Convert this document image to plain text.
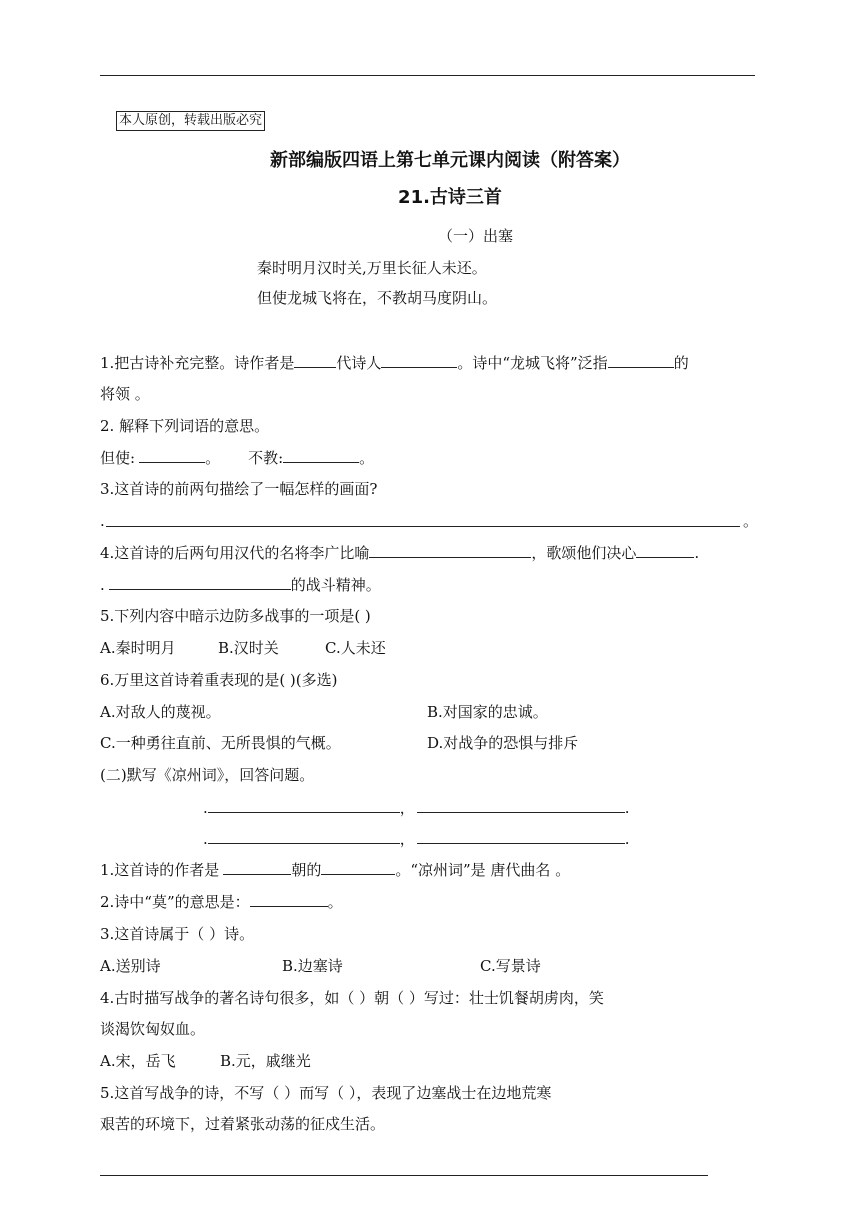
本人原创，转载出版必究
新部编版四语上第七单元课内阅读（附答案）
21.古诗三首
（一）出塞
秦时明月汉时关,万里长征人未还。
但使龙城飞将在，不教胡马度阴山。
1.把古诗补充完整。诗作者是	代诗人	。诗中“龙城飞将”泛指	的
将领 。
2. 解释下列词语的意思。
但使:	。 不教:	。
3.这首诗的前两句描绘了一幅怎样的画面?
.	。
4.这首诗的后两句用汉代的名将李广比喻	，歌颂他们决心	.
.	的战斗精神。
5.下列内容中暗示边防多战事的一项是( )
A.秦时明月	B.汉时关	C.人未还
6.万里这首诗着重表现的是( )(多选)
A.对敌人的蔑视。	B.对国家的忠诚。
C.一种勇往直前、无所畏惧的气概。	D.对战争的恐惧与排斥
(二)默写《凉州词》，回答问题。
.	，	.
.	，	.
1.这首诗的作者是	朝的	。“凉州词”是 唐代曲名 。
2.诗中“莫”的意思是：	。
3.这首诗属于（ ）诗。
A.送别诗	B.边塞诗	C.写景诗
4.古时描写战争的著名诗句很多，如（ ）朝（ ）写过：壮士饥餐胡虏肉，笑
谈渴饮匈奴血。
A.宋，岳飞	B.元，戚继光
5.这首写战争的诗，不写（ ）而写（ ），表现了边塞战士在边地荒寒
艰苦的环境下，过着紧张动荡的征戍生活。
